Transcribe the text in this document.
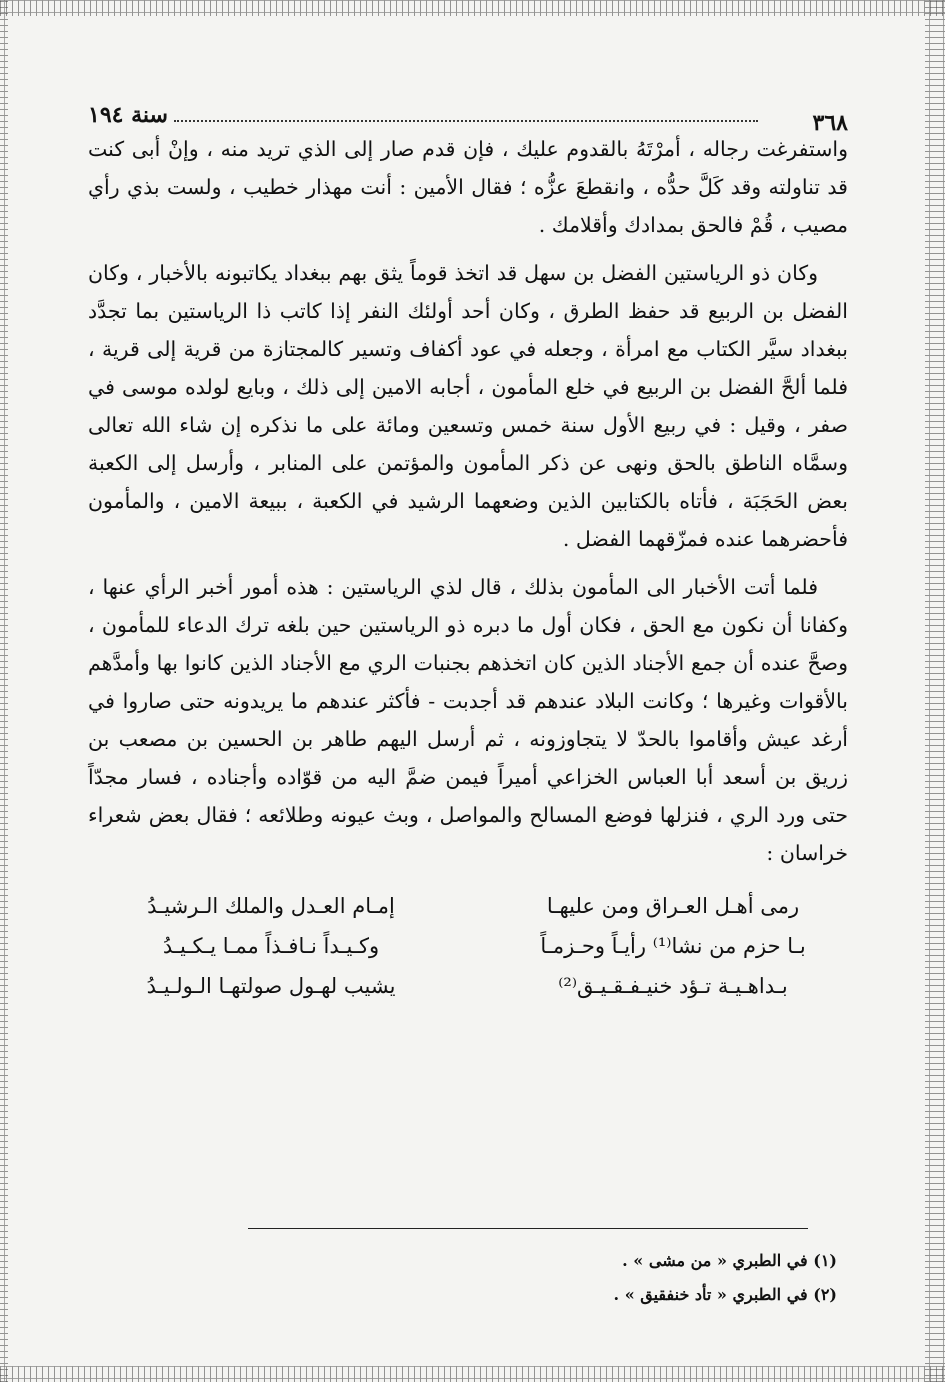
٣٦٨
سنة ١٩٤

واستفرغت رجاله ، أمرْتَهُ بالقدوم عليك ، فإن قدم صار إلى الذي تريد منه ، وإنْ أبى كنت قد تناولته وقد كَلَّ حدُّه ، وانقطعَ عزُّه ؛ فقال الأمين : أنت مهذار خطيب ، ولست بذي رأي مصيب ، قُمْ فالحق بمدادك وأقلامك .

وكان ذو الرياستين الفضل بن سهل قد اتخذ قوماً يثق بهم ببغداد يكاتبونه بالأخبار ، وكان الفضل بن الربيع قد حفظ الطرق ، وكان أحد أولئك النفر إذا كاتب ذا الرياستين بما تجدَّد ببغداد سيَّر الكتاب مع امرأة ، وجعله في عود أكفاف وتسير كالمجتازة من قرية إلى قرية ، فلما ألحَّ الفضل بن الربيع في خلع المأمون ، أجابه الامين إلى ذلك ، وبايع لولده موسى في صفر ، وقيل : في ربيع الأول سنة خمس وتسعين ومائة على ما نذكره إن شاء الله تعالى وسمَّاه الناطق بالحق ونهى عن ذكر المأمون والمؤتمن على المنابر ، وأرسل إلى الكعبة بعض الحَجَبَة ، فأتاه بالكتابين الذين وضعهما الرشيد في الكعبة ، ببيعة الامين ، والمأمون فأحضرهما عنده فمزّقهما الفضل .

فلما أتت الأخبار الى المأمون بذلك ، قال لذي الرياستين : هذه أمور أخبر الرأي عنها ، وكفانا أن نكون مع الحق ، فكان أول ما دبره ذو الرياستين حين بلغه ترك الدعاء للمأمون ، وصحَّ عنده أن جمع الأجناد الذين كان اتخذهم بجنبات الري مع الأجناد الذين كانوا بها وأمدَّهم بالأقوات وغيرها ؛ وكانت البلاد عندهم قد أجدبت - فأكثر عندهم ما يريدونه حتى صاروا في أرغد عيش وأقاموا بالحدّ لا يتجاوزونه ، ثم أرسل اليهم طاهر بن الحسين بن مصعب بن زريق بن أسعد أبا العباس الخزاعي أميراً فيمن ضمَّ اليه من قوّاده وأجناده ، فسار مجدّاً حتى ورد الري ، فنزلها فوضع المسالح والمواصل ، وبث عيونه وطلائعه ؛ فقال بعض شعراء خراسان :

رمى أهـل العـراق ومن عليهـا
إمـام العـدل والملك الـرشيـدُ
بـا حزم من نشا⁽¹⁾ رأيـاً وحـزمـاً
وكـيـداً نـافـذاً ممـا يـكـيـدُ
بـداهـيـة تـؤد خنيـفـقـيـق⁽²⁾
يشيب لهـول صولتهـا الـولـيـدُ
(١) في الطبري « من مشى » .
(٢) في الطبري « تأد خنفقيق » .
